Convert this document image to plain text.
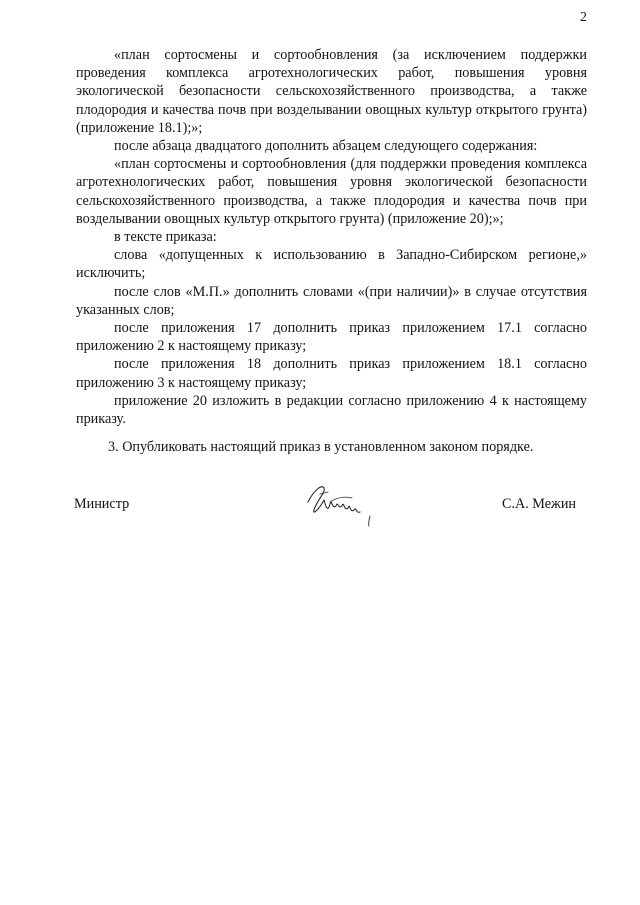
2

«план сортосмены и сортообновления (за исключением поддержки проведения комплекса агротехнологических работ, повышения уровня экологической безопасности сельскохозяйственного производства, а также плодородия и качества почв при возделывании овощных культур открытого грунта) (приложение 18.1);»;

после абзаца двадцатого дополнить абзацем следующего содержания:

«план сортосмены и сортообновления (для поддержки проведения комплекса агротехнологических работ, повышения уровня экологической безопасности сельскохозяйственного производства, а также плодородия и качества почв при возделывании овощных культур открытого грунта) (приложение 20);»;

в тексте приказа:

слова «допущенных к использованию в Западно-Сибирском регионе,» исключить;

после слов «М.П.» дополнить словами «(при наличии)» в случае отсутствия указанных слов;

после приложения 17 дополнить приказ приложением 17.1 согласно приложению 2 к настоящему приказу;

после приложения 18 дополнить приказ приложением 18.1 согласно приложению 3 к настоящему приказу;

приложение 20 изложить в редакции согласно приложению 4 к настоящему приказу.

3. Опубликовать настоящий приказ в установленном законом порядке.

Министр	С.А. Межин
